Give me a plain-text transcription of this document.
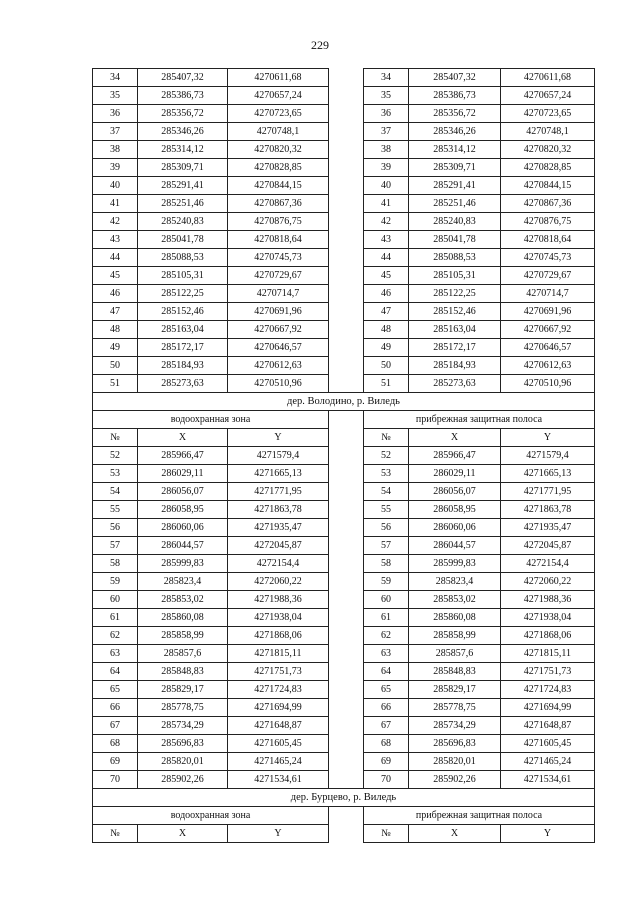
229
34	285407,32	4270611,68		34	285407,32	4270611,68
35	285386,73	4270657,24		35	285386,73	4270657,24
36	285356,72	4270723,65		36	285356,72	4270723,65
37	285346,26	4270748,1		37	285346,26	4270748,1
38	285314,12	4270820,32		38	285314,12	4270820,32
39	285309,71	4270828,85		39	285309,71	4270828,85
40	285291,41	4270844,15		40	285291,41	4270844,15
41	285251,46	4270867,36		41	285251,46	4270867,36
42	285240,83	4270876,75		42	285240,83	4270876,75
43	285041,78	4270818,64		43	285041,78	4270818,64
44	285088,53	4270745,73		44	285088,53	4270745,73
45	285105,31	4270729,67		45	285105,31	4270729,67
46	285122,25	4270714,7		46	285122,25	4270714,7
47	285152,46	4270691,96		47	285152,46	4270691,96
48	285163,04	4270667,92		48	285163,04	4270667,92
49	285172,17	4270646,57		49	285172,17	4270646,57
50	285184,93	4270612,63		50	285184,93	4270612,63
51	285273,63	4270510,96		51	285273,63	4270510,96
дер. Володино, р. Виледь						
водоохранная зона				прибрежная защитная полоса		
№	X	Y		№	X	Y
52	285966,47	4271579,4		52	285966,47	4271579,4
53	286029,11	4271665,13		53	286029,11	4271665,13
54	286056,07	4271771,95		54	286056,07	4271771,95
55	286058,95	4271863,78		55	286058,95	4271863,78
56	286060,06	4271935,47		56	286060,06	4271935,47
57	286044,57	4272045,87		57	286044,57	4272045,87
58	285999,83	4272154,4		58	285999,83	4272154,4
59	285823,4	4272060,22		59	285823,4	4272060,22
60	285853,02	4271988,36		60	285853,02	4271988,36
61	285860,08	4271938,04		61	285860,08	4271938,04
62	285858,99	4271868,06		62	285858,99	4271868,06
63	285857,6	4271815,11		63	285857,6	4271815,11
64	285848,83	4271751,73		64	285848,83	4271751,73
65	285829,17	4271724,83		65	285829,17	4271724,83
66	285778,75	4271694,99		66	285778,75	4271694,99
67	285734,29	4271648,87		67	285734,29	4271648,87
68	285696,83	4271605,45		68	285696,83	4271605,45
69	285820,01	4271465,24		69	285820,01	4271465,24
70	285902,26	4271534,61		70	285902,26	4271534,61
дер. Бурцево, р. Виледь						
водоохранная зона				прибрежная защитная полоса		
№	X	Y		№	X	Y
